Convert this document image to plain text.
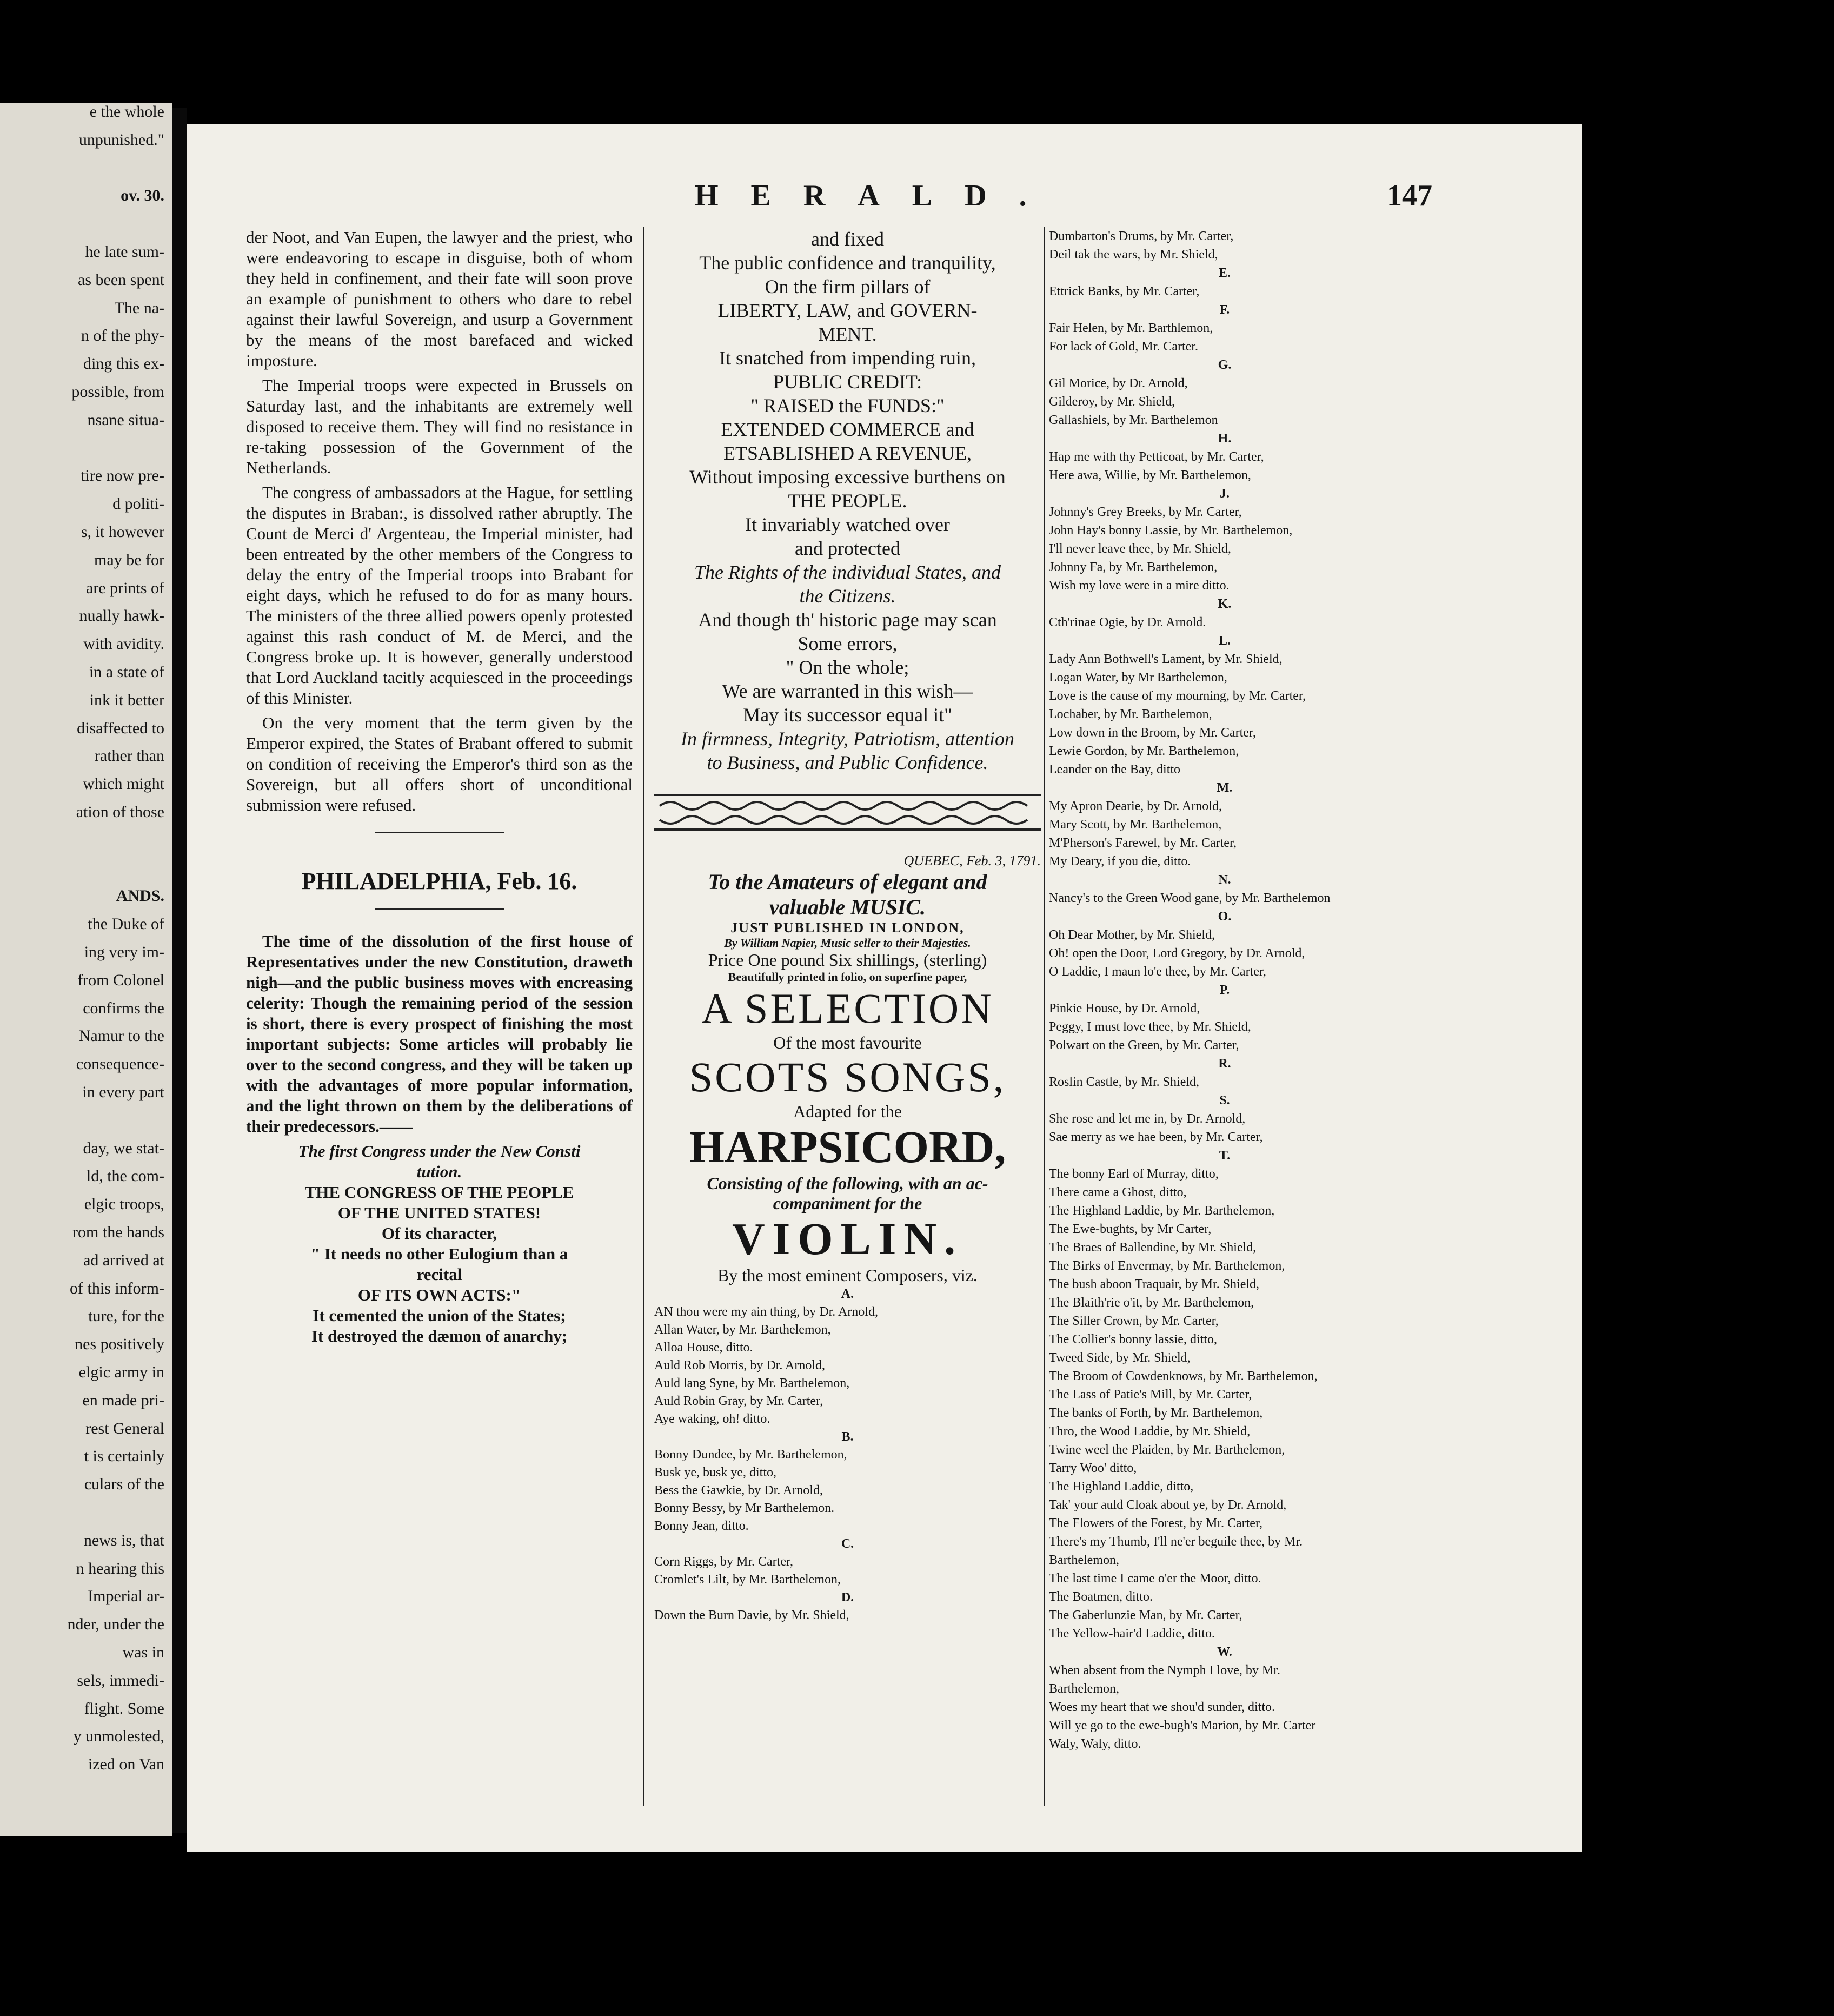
e the whole
unpunished."
ov. 30.
he late sum-
as been spent
The na-
n of the phy-
ding this ex-
possible, from
nsane situa-
tire now pre-
d politi-
s, it however
may be for
are prints of
nually hawk-
with avidity.
in a state of
ink it better
disaffected to
rather than
which might
ation of those
ANDS.
the Duke of
ing very im-
from Colonel
confirms the
Namur to the
consequence-
in every part
day, we stat-
ld, the com-
elgic troops,
rom the hands
ad arrived at
of this inform-
ture, for the
nes positively
elgic army in
en made pri-
rest General
t is certainly
culars of the
news is, that
n hearing this
Imperial ar-
nder, under the
was in
sels, immedi-
flight. Some
y unmolested,
ized on Van
HERALD.	147

der Noot, and Van Eupen, the lawyer and the priest, who were endeavoring to escape in disguise, both of whom they held in confinement, and their fate will soon prove an example of punishment to others who dare to rebel against their lawful Sovereign, and usurp a Government by the means of the most barefaced and wicked imposture.

The Imperial troops were expected in Brussels on Saturday last, and the inhabitants are extremely well disposed to receive them. They will find no resistance in re-taking possession of the Government of the Netherlands.

The congress of ambassadors at the Hague, for settling the disputes in Braban:, is dissolved rather abruptly. The Count de Merci d' Argenteau, the Imperial minister, had been entreated by the other members of the Congress to delay the entry of the Imperial troops into Brabant for eight days, which he refused to do for as many hours. The ministers of the three allied powers openly protested against this rash conduct of M. de Merci, and the Congress broke up. It is however, generally understood that Lord Auckland tacitly acquiesced in the proceedings of this Minister.

On the very moment that the term given by the Emperor expired, the States of Brabant offered to submit on condition of receiving the Emperor's third son as the Sovereign, but all offers short of unconditional submission were refused.

PHILADELPHIA, Feb. 16.

The time of the dissolution of the first house of Representatives under the new Constitution, draweth nigh—and the public business moves with encreasing celerity: Though the remaining period of the session is short, there is every prospect of finishing the most important subjects: Some articles will probably lie over to the second congress, and they will be taken up with the advantages of more popular information, and the light thrown on them by the deliberations of their predecessors.——

The first Congress under the New Consti
tution.
THE CONGRESS OF THE PEOPLE
OF THE UNITED STATES!
Of its character,
" It needs no other Eulogium than a
recital
OF ITS OWN ACTS:"
It cemented the union of the States;
It destroyed the dæmon of anarchy;
and fixed
The public confidence and tranquility,
On the firm pillars of
LIBERTY, LAW, and GOVERN-
MENT.
It snatched from impending ruin,
PUBLIC CREDIT:
" RAISED the FUNDS:"
EXTENDED COMMERCE and
ETSABLISHED A REVENUE,
Without imposing excessive burthens on
THE PEOPLE.
It invariably watched over
and protected
The Rights of the individual States, and
the Citizens.
And though th' historic page may scan
Some errors,
" On the whole;
We are warranted in this wish—
May its successor equal it"
In firmness, Integrity, Patriotism, attention
to Business, and Public Confidence.
QUEBEC, Feb. 3, 1791.
To the Amateurs of elegant and
valuable MUSIC.
JUST PUBLISHED IN LONDON,
By William Napier, Music seller to their Majesties.
Price One pound Six shillings, (sterling)
Beautifully printed in folio, on superfine paper,
A SELECTION
Of the most favourite
SCOTS SONGS,
Adapted for the
HARPSICORD,
Consisting of the following, with an ac-
companiment for the
VIOLIN.
By the most eminent Composers, viz.
A.
AN thou were my ain thing, by Dr. Arnold,
Allan Water, by Mr. Barthelemon,
Alloa House, ditto.
Auld Rob Morris, by Dr. Arnold,
Auld lang Syne, by Mr. Barthelemon,
Auld Robin Gray, by Mr. Carter,
Aye waking, oh! ditto.
B.
Bonny Dundee, by Mr. Barthelemon,
Busk ye, busk ye, ditto,
Bess the Gawkie, by Dr. Arnold,
Bonny Bessy, by Mr Barthelemon.
Bonny Jean, ditto.
C.
Corn Riggs, by Mr. Carter,
Cromlet's Lilt, by Mr. Barthelemon,
D.
Down the Burn Davie, by Mr. Shield,
Dumbarton's Drums, by Mr. Carter,
Deil tak the wars, by Mr. Shield,
E.
Ettrick Banks, by Mr. Carter,
F.
Fair Helen, by Mr. Barthlemon,
For lack of Gold, Mr. Carter.
G.
Gil Morice, by Dr. Arnold,
Gilderoy, by Mr. Shield,
Gallashiels, by Mr. Barthelemon
H.
Hap me with thy Petticoat, by Mr. Carter,
Here awa, Willie, by Mr. Barthelemon,
J.
Johnny's Grey Breeks, by Mr. Carter,
John Hay's bonny Lassie, by Mr. Barthelemon,
I'll never leave thee, by Mr. Shield,
Johnny Fa, by Mr. Barthelemon,
Wish my love were in a mire ditto.
K.
Cth'rinae Ogie, by Dr. Arnold.
L.
Lady Ann Bothwell's Lament, by Mr. Shield,
Logan Water, by Mr Barthelemon,
Love is the cause of my mourning, by Mr. Carter,
Lochaber, by Mr. Barthelemon,
Low down in the Broom, by Mr. Carter,
Lewie Gordon, by Mr. Barthelemon,
Leander on the Bay, ditto
M.
My Apron Dearie, by Dr. Arnold,
Mary Scott, by Mr. Barthelemon,
M'Pherson's Farewel, by Mr. Carter,
My Deary, if you die, ditto.
N.
Nancy's to the Green Wood gane, by Mr. Barthelemon
O.
Oh Dear Mother, by Mr. Shield,
Oh! open the Door, Lord Gregory, by Dr. Arnold,
O Laddie, I maun lo'e thee, by Mr. Carter,
P.
Pinkie House, by Dr. Arnold,
Peggy, I must love thee, by Mr. Shield,
Polwart on the Green, by Mr. Carter,
R.
Roslin Castle, by Mr. Shield,
S.
She rose and let me in, by Dr. Arnold,
Sae merry as we hae been, by Mr. Carter,
T.
The bonny Earl of Murray, ditto,
There came a Ghost, ditto,
The Highland Laddie, by Mr. Barthelemon,
The Ewe-bughts, by Mr Carter,
The Braes of Ballendine, by Mr. Shield,
The Birks of Envermay, by Mr. Barthelemon,
The bush aboon Traquair, by Mr. Shield,
The Blaith'rie o'it, by Mr. Barthelemon,
The Siller Crown, by Mr. Carter,
The Collier's bonny lassie, ditto,
Tweed Side, by Mr. Shield,
The Broom of Cowdenknows, by Mr. Barthelemon,
The Lass of Patie's Mill, by Mr. Carter,
The banks of Forth, by Mr. Barthelemon,
Thro, the Wood Laddie, by Mr. Shield,
Twine weel the Plaiden, by Mr. Barthelemon,
Tarry Woo' ditto,
The Highland Laddie, ditto,
Tak' your auld Cloak about ye, by Dr. Arnold,
The Flowers of the Forest, by Mr. Carter,
There's my Thumb, I'll ne'er beguile thee, by Mr.
Barthelemon,
The last time I came o'er the Moor, ditto.
The Boatmen, ditto.
The Gaberlunzie Man, by Mr. Carter,
The Yellow-hair'd Laddie, ditto.
W.
When absent from the Nymph I love, by Mr.
Barthelemon,
Woes my heart that we shou'd sunder, ditto.
Will ye go to the ewe-bugh's Marion, by Mr. Carter
Waly, Waly, ditto.
